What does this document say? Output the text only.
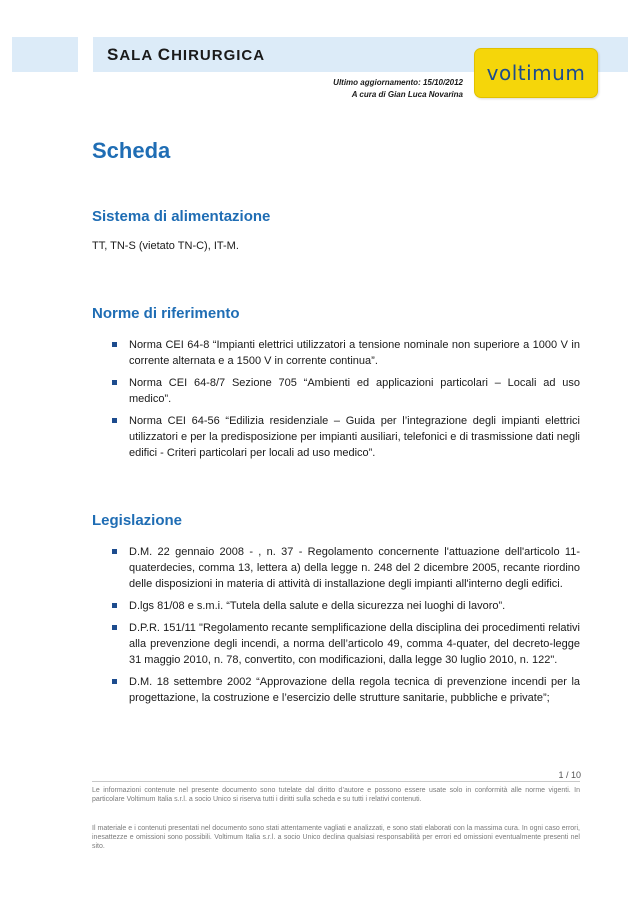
SALA CHIRURGICA
voltimum
Ultimo aggiornamento: 15/10/2012
A cura di Gian Luca Novarina
Scheda
Sistema di alimentazione

TT, TN-S (vietato TN-C), IT-M.

Norme di riferimento
Norma CEI 64-8 “Impianti elettrici utilizzatori a tensione nominale non superiore a 1000 V in corrente alternata e a 1500 V in corrente continua”.
Norma CEI 64-8/7 Sezione 705 “Ambienti ed applicazioni particolari – Locali ad uso medico”.
Norma CEI 64-56 “Edilizia residenziale – Guida per l’integrazione degli impianti elettrici utilizzatori e per la predisposizione per impianti ausiliari, telefonici e di trasmissione dati negli edifici - Criteri particolari per locali ad uso medico”.
Legislazione
D.M. 22 gennaio 2008 - , n. 37 - Regolamento concernente l'attuazione dell'articolo 11-quaterdecies, comma 13, lettera a) della legge n. 248 del 2 dicembre 2005, recante riordino delle disposizioni in materia di attività di installazione degli impianti all'interno degli edifici.
D.lgs 81/08 e s.m.i. “Tutela della salute e della sicurezza nei luoghi di lavoro”.
D.P.R. 151/11 "Regolamento recante semplificazione della disciplina dei procedimenti relativi alla prevenzione degli incendi, a norma dell’articolo 49, comma 4-quater, del decreto-legge 31 maggio 2010, n. 78, convertito, con modificazioni, dalla legge 30 luglio 2010, n. 122".
D.M. 18 settembre 2002 “Approvazione della regola tecnica di prevenzione incendi per la progettazione, la costruzione e l’esercizio delle strutture sanitarie, pubbliche e private”;
1 / 10

Le informazioni contenute nel presente documento sono tutelate dal diritto d’autore e possono essere usate solo in conformità alle norme vigenti. In particolare Voltimum Italia s.r.l. a socio Unico si riserva tutti i diritti sulla scheda e su tutti i relativi contenuti.

Il materiale e i contenuti presentati nel documento sono stati attentamente vagliati e analizzati, e sono stati elaborati con la massima cura. In ogni caso errori, inesattezze e omissioni sono possibili. Voltimum Italia s.r.l. a socio Unico declina qualsiasi responsabilità per errori ed omissioni eventualmente presenti nel sito.
